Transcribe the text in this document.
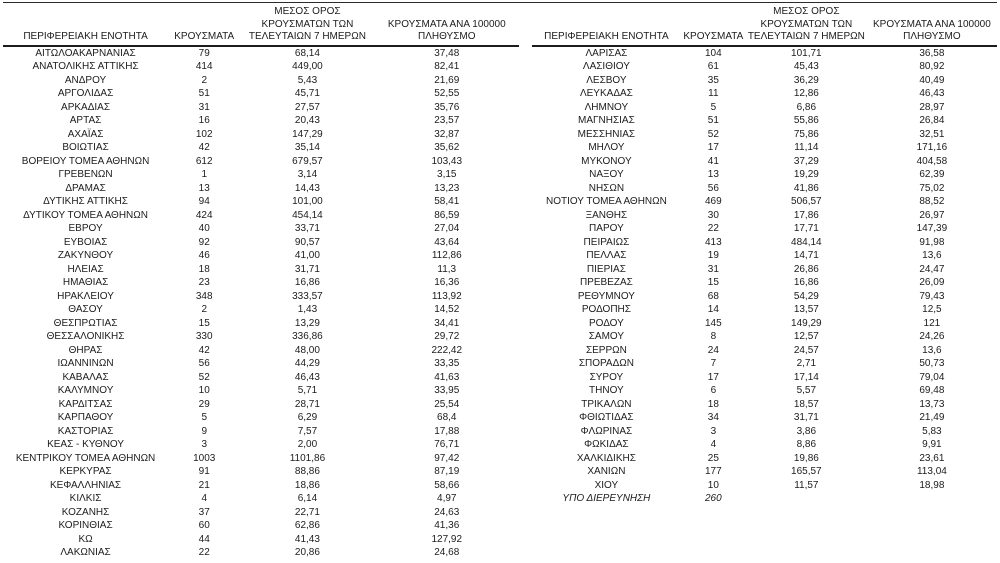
ΠΕΡΙΦΕΡΕΙΑΚΗ ΕΝΟΤΗΤΑ	ΚΡΟΥΣΜΑΤΑ	ΜΕΣΟΣ ΟΡΟΣ
ΚΡΟΥΣΜΑΤΩΝ ΤΩΝ
ΤΕΛΕΥΤΑΙΩΝ 7 ΗΜΕΡΩΝ	ΚΡΟΥΣΜΑΤΑ ΑΝΑ 100000
ΠΛΗΘΥΣΜΟ

ΑΙΤΩΛΟΑΚΑΡΝΑΝΙΑΣ	79	68,14	37,48
ΑΝΑΤΟΛΙΚΗΣ ΑΤΤΙΚΗΣ	414	449,00	82,41
ΑΝΔΡΟΥ	2	5,43	21,69
ΑΡΓΟΛΙΔΑΣ	51	45,71	52,55
ΑΡΚΑΔΙΑΣ	31	27,57	35,76
ΑΡΤΑΣ	16	20,43	23,57
ΑΧΑΪΑΣ	102	147,29	32,87
ΒΟΙΩΤΙΑΣ	42	35,14	35,62
ΒΟΡΕΙΟΥ ΤΟΜΕΑ ΑΘΗΝΩΝ	612	679,57	103,43
ΓΡΕΒΕΝΩΝ	1	3,14	3,15
ΔΡΑΜΑΣ	13	14,43	13,23
ΔΥΤΙΚΗΣ ΑΤΤΙΚΗΣ	94	101,00	58,41
ΔΥΤΙΚΟΥ ΤΟΜΕΑ ΑΘΗΝΩΝ	424	454,14	86,59
ΕΒΡΟΥ	40	33,71	27,04
ΕΥΒΟΙΑΣ	92	90,57	43,64
ΖΑΚΥΝΘΟΥ	46	41,00	112,86
ΗΛΕΙΑΣ	18	31,71	11,3
ΗΜΑΘΙΑΣ	23	16,86	16,36
ΗΡΑΚΛΕΙΟΥ	348	333,57	113,92
ΘΑΣΟΥ	2	1,43	14,52
ΘΕΣΠΡΩΤΙΑΣ	15	13,29	34,41
ΘΕΣΣΑΛΟΝΙΚΗΣ	330	336,86	29,72
ΘΗΡΑΣ	42	48,00	222,42
ΙΩΑΝΝΙΝΩΝ	56	44,29	33,35
ΚΑΒΑΛΑΣ	52	46,43	41,63
ΚΑΛΥΜΝΟΥ	10	5,71	33,95
ΚΑΡΔΙΤΣΑΣ	29	28,71	25,54
ΚΑΡΠΑΘΟΥ	5	6,29	68,4
ΚΑΣΤΟΡΙΑΣ	9	7,57	17,88
ΚΕΑΣ - ΚΥΘΝΟΥ	3	2,00	76,71
ΚΕΝΤΡΙΚΟΥ ΤΟΜΕΑ ΑΘΗΝΩΝ	1003	1101,86	97,42
ΚΕΡΚΥΡΑΣ	91	88,86	87,19
ΚΕΦΑΛΛΗΝΙΑΣ	21	18,86	58,66
ΚΙΛΚΙΣ	4	6,14	4,97
ΚΟΖΑΝΗΣ	37	22,71	24,63
ΚΟΡΙΝΘΙΑΣ	60	62,86	41,36
ΚΩ	44	41,43	127,92
ΛΑΚΩΝΙΑΣ	22	20,86	24,68
ΠΕΡΙΦΕΡΕΙΑΚΗ ΕΝΟΤΗΤΑ	ΚΡΟΥΣΜΑΤΑ	ΜΕΣΟΣ ΟΡΟΣ
ΚΡΟΥΣΜΑΤΩΝ ΤΩΝ
ΤΕΛΕΥΤΑΙΩΝ 7 ΗΜΕΡΩΝ	ΚΡΟΥΣΜΑΤΑ ΑΝΑ 100000
ΠΛΗΘΥΣΜΟ

ΛΑΡΙΣΑΣ	104	101,71	36,58
ΛΑΣΙΘΙΟΥ	61	45,43	80,92
ΛΕΣΒΟΥ	35	36,29	40,49
ΛΕΥΚΑΔΑΣ	11	12,86	46,43
ΛΗΜΝΟΥ	5	6,86	28,97
ΜΑΓΝΗΣΙΑΣ	51	55,86	26,84
ΜΕΣΣΗΝΙΑΣ	52	75,86	32,51
ΜΗΛΟΥ	17	11,14	171,16
ΜΥΚΟΝΟΥ	41	37,29	404,58
ΝΑΞΟΥ	13	19,29	62,39
ΝΗΣΩΝ	56	41,86	75,02
ΝΟΤΙΟΥ ΤΟΜΕΑ ΑΘΗΝΩΝ	469	506,57	88,52
ΞΑΝΘΗΣ	30	17,86	26,97
ΠΑΡΟΥ	22	17,71	147,39
ΠΕΙΡΑΙΩΣ	413	484,14	91,98
ΠΕΛΛΑΣ	19	14,71	13,6
ΠΙΕΡΙΑΣ	31	26,86	24,47
ΠΡΕΒΕΖΑΣ	15	16,86	26,09
ΡΕΘΥΜΝΟΥ	68	54,29	79,43
ΡΟΔΟΠΗΣ	14	13,57	12,5
ΡΟΔΟΥ	145	149,29	121
ΣΑΜΟΥ	8	12,57	24,26
ΣΕΡΡΩΝ	24	24,57	13,6
ΣΠΟΡΑΔΩΝ	7	2,71	50,73
ΣΥΡΟΥ	17	17,14	79,04
ΤΗΝΟΥ	6	5,57	69,48
ΤΡΙΚΑΛΩΝ	18	18,57	13,73
ΦΘΙΩΤΙΔΑΣ	34	31,71	21,49
ΦΛΩΡΙΝΑΣ	3	3,86	5,83
ΦΩΚΙΔΑΣ	4	8,86	9,91
ΧΑΛΚΙΔΙΚΗΣ	25	19,86	23,61
ΧΑΝΙΩΝ	177	165,57	113,04
ΧΙΟΥ	10	11,57	18,98
ΥΠΟ ΔΙΕΡΕΥΝΗΣΗ	260		
